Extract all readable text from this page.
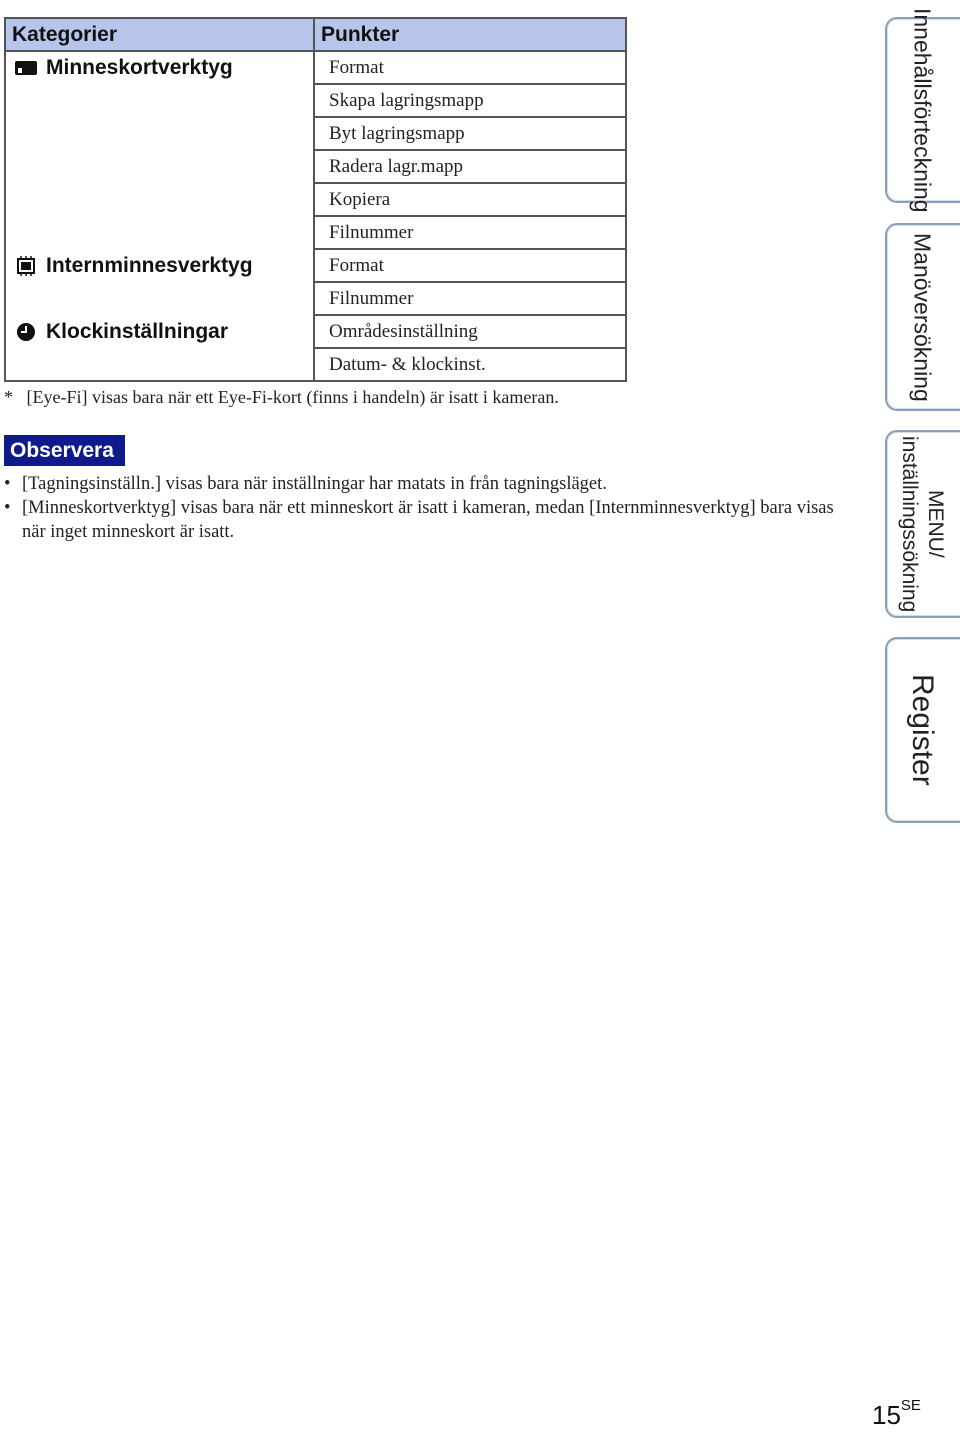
Kategorier	Punkter

Minneskortverktyg	Format
	Skapa lagringsmapp
	Byt lagringsmapp
	Radera lagr.mapp
	Kopiera
	Filnummer

Internminnesverktyg	Format
	Filnummer

Klockinställningar	Områdesinställning
	Datum- & klockinst.

* [Eye-Fi] visas bara när ett Eye-Fi-kort (finns i handeln) är isatt i kameran.

Observera
• [Tagningsinställn.] visas bara när inställningar har matats in från tagningsläget.
• [Minneskortverktyg] visas bara när ett minneskort är isatt i kameran, medan [Internminnesverktyg] bara visas när inget minneskort är isatt.
Innehållsförteckning
Manöversökning
MENU/
inställningssökning
Register
$15^{SE}$
